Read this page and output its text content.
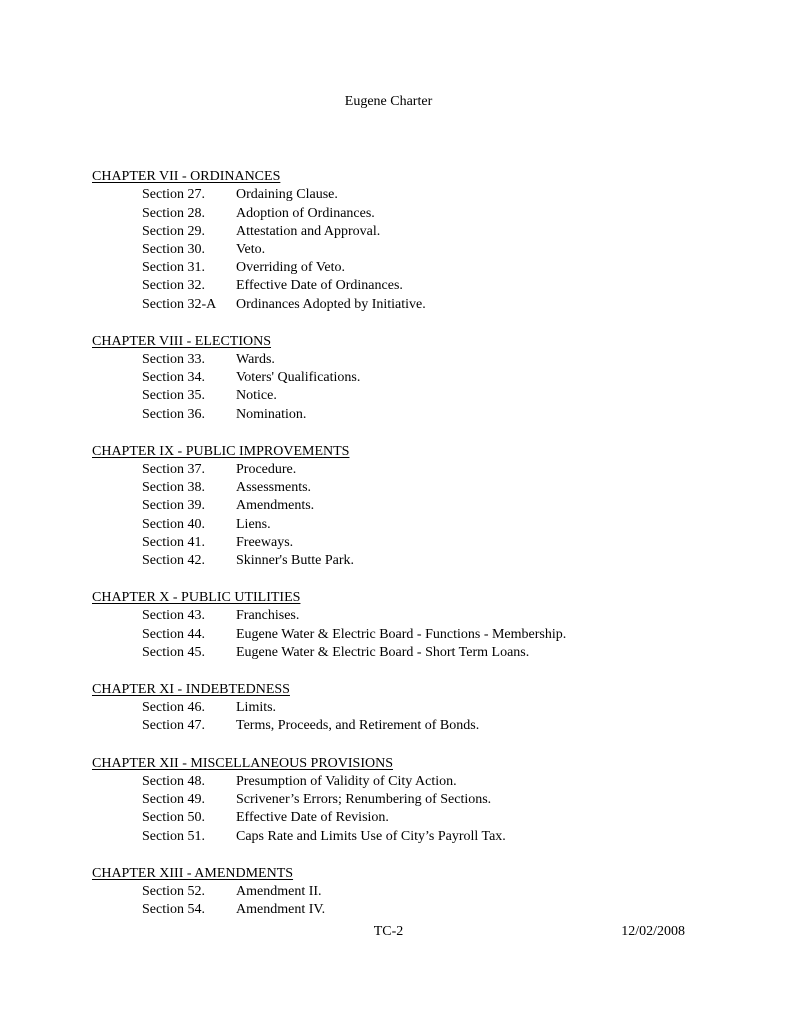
Eugene Charter
CHAPTER VII - ORDINANCES
Section 27.	Ordaining Clause.
Section 28.	Adoption of Ordinances.
Section 29.	Attestation and Approval.
Section 30.	Veto.
Section 31.	Overriding of Veto.
Section 32.	Effective Date of Ordinances.
Section 32-A	Ordinances Adopted by Initiative.
CHAPTER VIII - ELECTIONS
Section 33.	Wards.
Section 34.	Voters' Qualifications.
Section 35.	Notice.
Section 36.	Nomination.
CHAPTER IX - PUBLIC IMPROVEMENTS
Section 37.	Procedure.
Section 38.	Assessments.
Section 39.	Amendments.
Section 40.	Liens.
Section 41.	Freeways.
Section 42.	Skinner's Butte Park.
CHAPTER X - PUBLIC UTILITIES
Section 43.	Franchises.
Section 44.	Eugene Water & Electric Board - Functions - Membership.
Section 45.	Eugene Water & Electric Board - Short Term Loans.
CHAPTER XI - INDEBTEDNESS
Section 46.	Limits.
Section 47.	Terms, Proceeds, and Retirement of Bonds.
CHAPTER XII - MISCELLANEOUS PROVISIONS
Section 48.	Presumption of Validity of City Action.
Section 49.	Scrivener’s Errors; Renumbering of Sections.
Section 50.	Effective Date of Revision.
Section 51.	Caps Rate and Limits Use of City’s Payroll Tax.
CHAPTER XIII - AMENDMENTS
Section 52.	Amendment II.
Section 54.	Amendment IV.
TC-2	12/02/2008
